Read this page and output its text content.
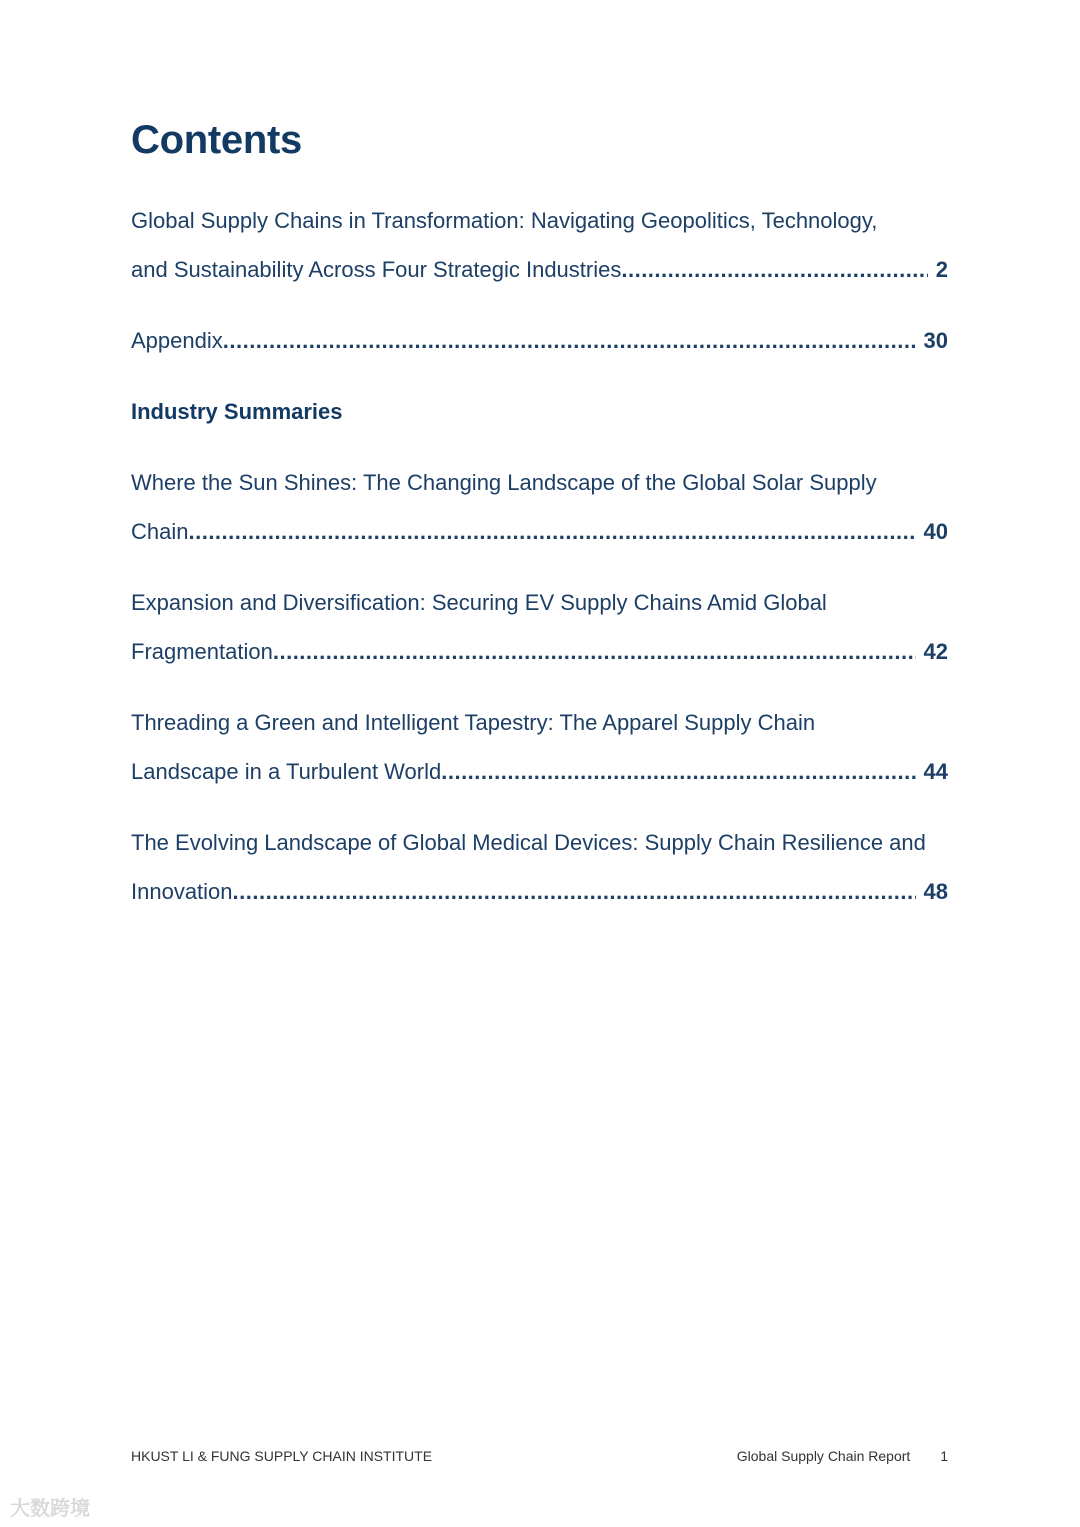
Contents
Global Supply Chains in Transformation: Navigating Geopolitics, Technology,
and Sustainability Across Four Strategic Industries .....	2
Appendix .....	30
Industry Summaries
Where the Sun Shines: The Changing Landscape of the Global Solar Supply
Chain .....	40
Expansion and Diversification: Securing EV Supply Chains Amid Global
Fragmentation .....	42
Threading a Green and Intelligent Tapestry: The Apparel Supply Chain
Landscape in a Turbulent World .....	44
The Evolving Landscape of Global Medical Devices: Supply Chain Resilience and
Innovation .....	48
HKUST LI & FUNG SUPPLY CHAIN INSTITUTE	Global Supply Chain Report 1
大数跨境
